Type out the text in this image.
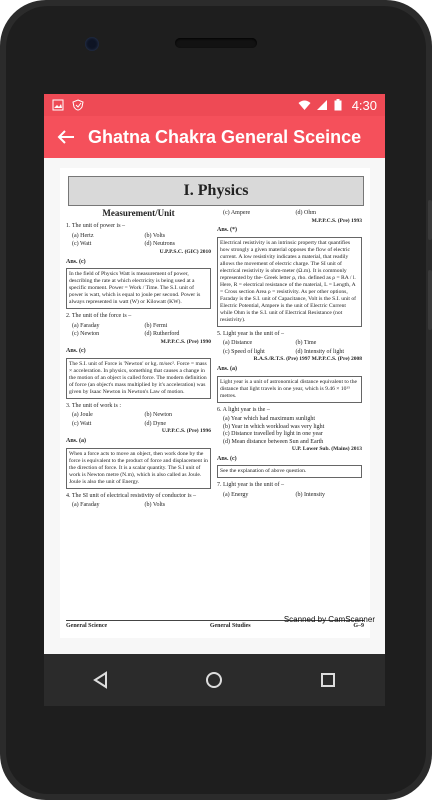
4:30
Ghatna Chakra General Sceince
I. Physics
Measurement/Unit
1. The unit of power is –
(a) Hertz	(b) Volts
(c) Watt	(d) Neutrons
U.P.P.S.C. (GIC) 2010
Ans. (c)
In the field of Physics Watt is measurement of power, describing the rate at which electricity is being used at a specific moment. Power = Work / Time. The S.I. unit of power is watt, which is equal to joule per second. Power is always represented in watt (W) or Kilowatt (KW).
2. The unit of the force is –
(a) Faraday	(b) Fermi
(c) Newton	(d) Rutherford
M.P.P.C.S. (Pre) 1990
Ans. (c)
The S.I. unit of Force is 'Newton' or kg. m/sec². Force = mass × acceleration. In physics, something that causes a change in the motion of an object is called force. The modern definition of force (an object's mass multiplied by it's acceleration) was given by Isaac Newton in Newton's Law of motion.
3. The unit of work is :
(a) Joule	(b) Newton
(c) Watt	(d) Dyne
U.P.P.C.S. (Pre) 1996
Ans. (a)
When a force acts to move an object, then work done by the force is equivalent to the product of force and displacement in the direction of force. It is a scalar quantity. The S.I unit of work is Newton metre (N.m), which is also called as Joule. Joule is also the unit of Energy.
4. The SI unit of electrical resistivity of conductor is –
(a) Faraday	(b) Volts
(c) Ampere	(d) Ohm
M.P.P.C.S. (Pre) 1993
Ans. (*)
Electrical resistivity is an intrinsic property that quantifies how strongly a given material opposes the flow of electric current. A low resistivity indicates a material, that readily allows the movement of electric charge. The SI unit of electrical resistivity is ohm-meter (Ω.m). It is commonly represented by the- Greek letter ρ, rho. defined as ρ = RA / l. Here, R = electrical resistance of the material, L = Length, A = Cross section Area ρ = resistivity. As per other options, Faraday is the S.I. unit of Capacitance, Volt is the S.I. unit of Electric Potential, Ampere is the unit of Electric Current while Ohm is the S.I. unit of Electrical Resistance (not resistivity).
5. Light year is the unit of –
(a) Distance	(b) Time
(c) Speed of light	(d) Intensity of light
R.A.S./R.T.S. (Pre) 1997 M.P.P.C.S. (Pre) 2008
Ans. (a)
Light year is a unit of astronomical distance equivalent to the distance that light travels in one year, which is 9.46 × 10¹⁵ metres.
6. A light year is the –
(a) Year which had maximum sunlight
(b) Year in which workload was very light
(c) Distance travelled by light in one year
(d) Mean distance between Sun and Earth
U.P. Lower Sub. (Mains) 2013
Ans. (c)
See the explanation of above question.
7. Light year is the unit of –
(a) Energy	(b) Intensity
General Science	General Studies	G–9
Scanned by CamScanner
